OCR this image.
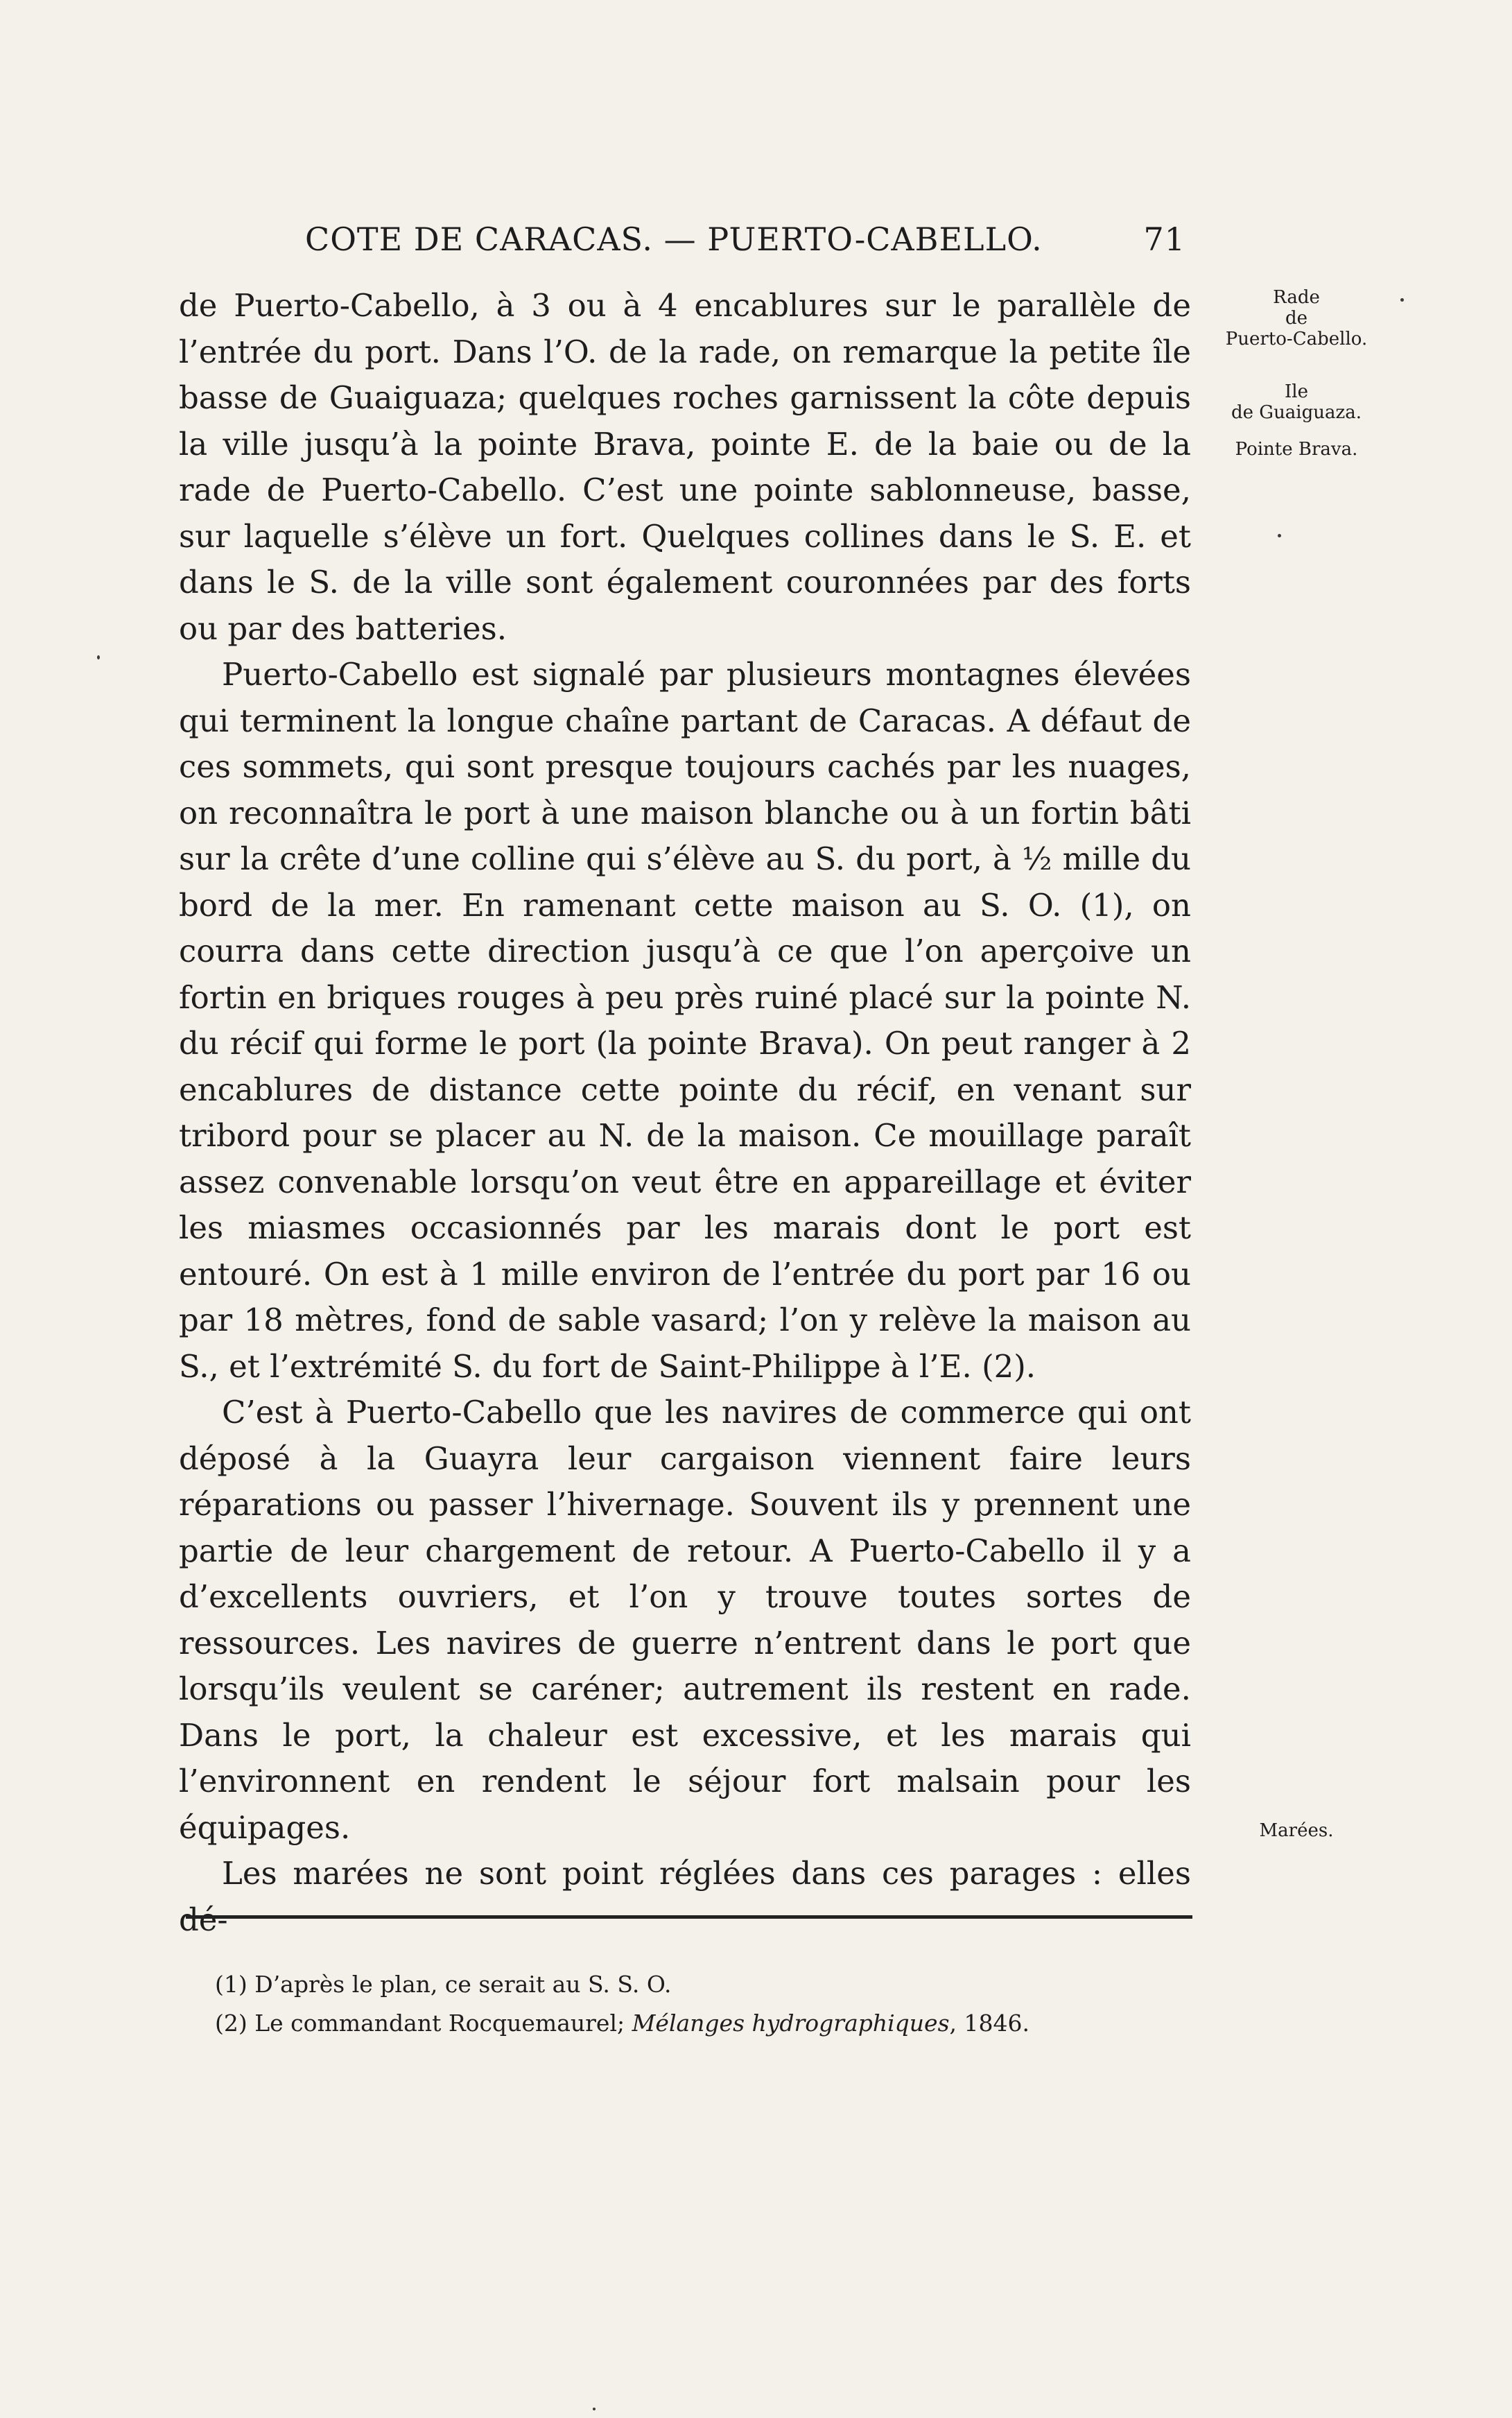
COTE DE CARACAS. — PUERTO-CABELLO.	71

de Puerto-Cabello, à 3 ou à 4 encablures sur le parallèle de l’entrée du port. Dans l’O. de la rade, on remarque la petite île basse de Guaiguaza; quelques roches garnissent la côte depuis la ville jusqu’à la pointe Brava, pointe E. de la baie ou de la rade de Puerto-Cabello. C’est une pointe sablonneuse, basse, sur laquelle s’élève un fort. Quelques collines dans le S. E. et dans le S. de la ville sont également couronnées par des forts ou par des batteries.

Puerto-Cabello est signalé par plusieurs montagnes élevées qui terminent la longue chaîne partant de Caracas. A défaut de ces sommets, qui sont presque toujours cachés par les nuages, on reconnaîtra le port à une maison blanche ou à un fortin bâti sur la crête d’une colline qui s’élève au S. du port, à ½ mille du bord de la mer. En ramenant cette maison au S. O. (1), on courra dans cette direction jusqu’à ce que l’on aperçoive un fortin en briques rouges à peu près ruiné placé sur la pointe N. du récif qui forme le port (la pointe Brava). On peut ranger à 2 encablures de distance cette pointe du récif, en venant sur tribord pour se placer au N. de la maison. Ce mouillage paraît assez convenable lorsqu’on veut être en appareillage et éviter les miasmes occasionnés par les marais dont le port est entouré. On est à 1 mille environ de l’entrée du port par 16 ou par 18 mètres, fond de sable vasard; l’on y relève la maison au S., et l’extrémité S. du fort de Saint-Philippe à l’E. (2).

C’est à Puerto-Cabello que les navires de commerce qui ont déposé à la Guayra leur cargaison viennent faire leurs réparations ou passer l’hivernage. Souvent ils y prennent une partie de leur chargement de retour. A Puerto-Cabello il y a d’excellents ouvriers, et l’on y trouve toutes sortes de ressources. Les navires de guerre n’entrent dans le port que lorsqu’ils veulent se caréner; autrement ils restent en rade. Dans le port, la chaleur est excessive, et les marais qui l’environnent en rendent le séjour fort malsain pour les équipages.

Les marées ne sont point réglées dans ces parages : elles dé-

Rade
de
Puerto-Cabello.
Ile
de Guaiguaza.
Pointe Brava.
Marées.
(1) D’après le plan, ce serait au S. S. O.
(2) Le commandant Rocquemaurel; Mélanges hydrographiques, 1846.
